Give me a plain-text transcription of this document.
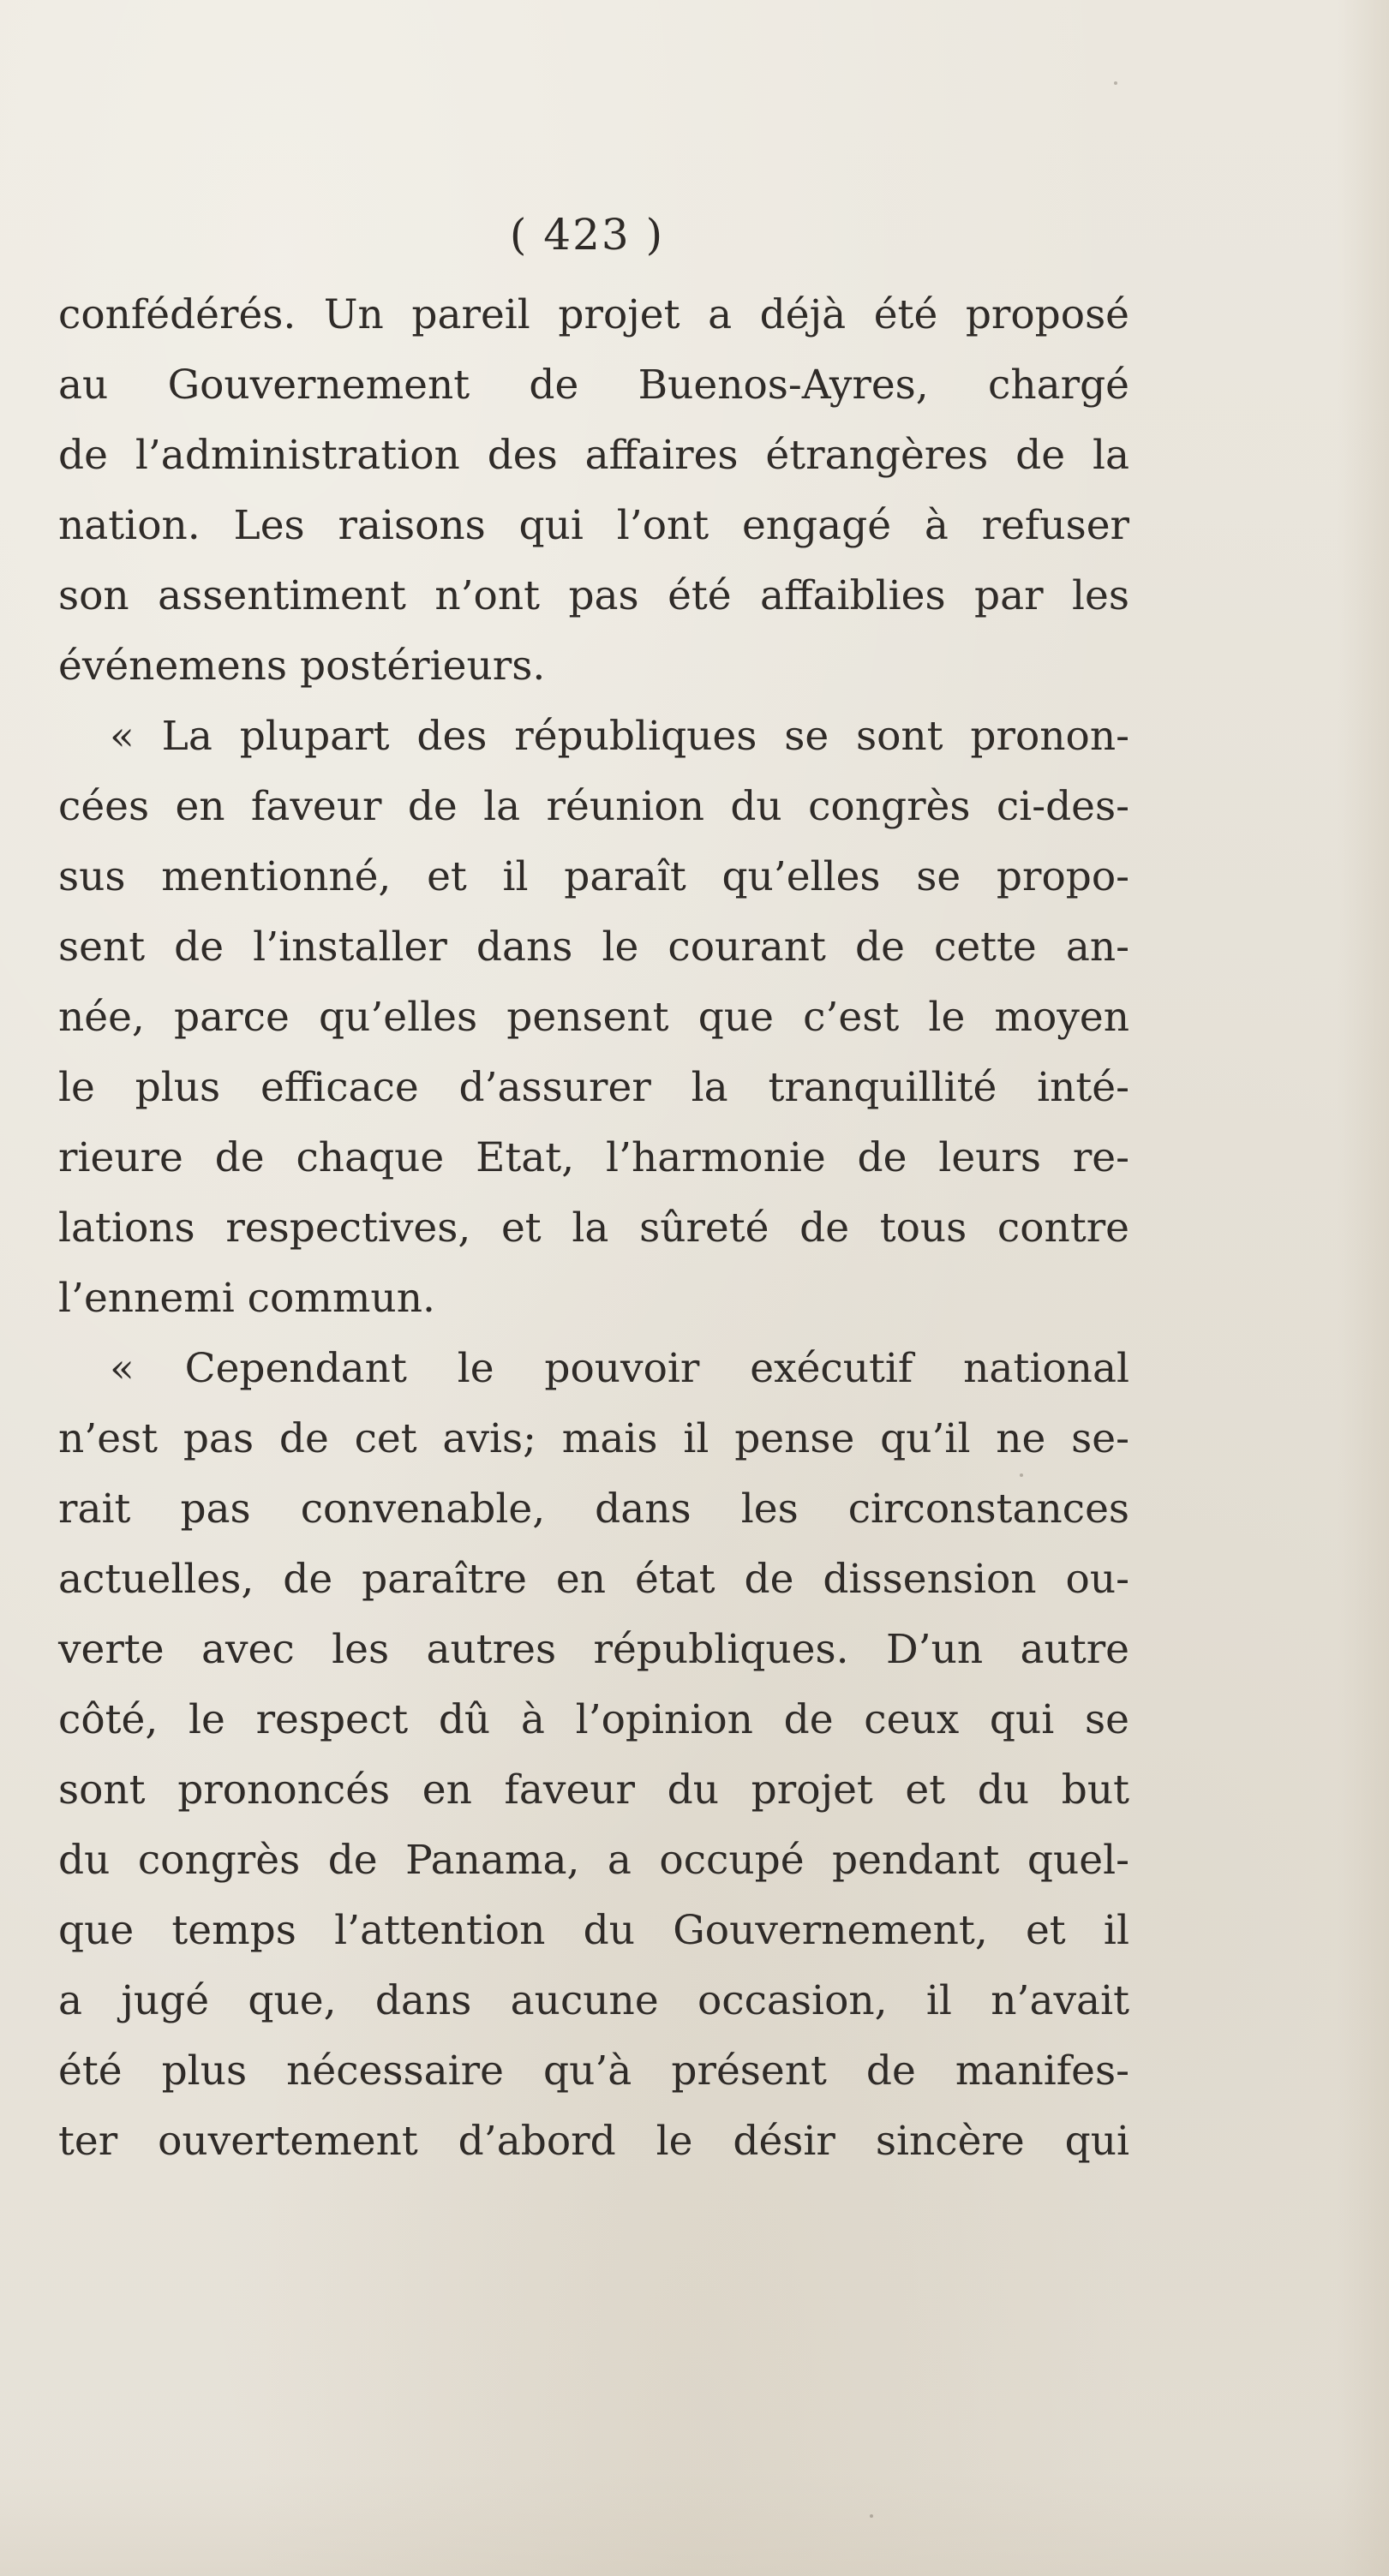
( 423 )

confédérés. Un pareil projet a déjà été proposé

au Gouvernement de Buenos-Ayres, chargé

de l’administration des affaires étrangères de la

nation. Les raisons qui l’ont engagé à refuser

son assentiment n’ont pas été affaiblies par les

événemens postérieurs.

« La plupart des républiques se sont pronon-

cées en faveur de la réunion du congrès ci-des-

sus mentionné, et il paraît qu’elles se propo-

sent de l’installer dans le courant de cette an-

née, parce qu’elles pensent que c’est le moyen

le plus efficace d’assurer la tranquillité inté-

rieure de chaque Etat, l’harmonie de leurs re-

lations respectives, et la sûreté de tous contre

l’ennemi commun.

« Cependant le pouvoir exécutif national

n’est pas de cet avis; mais il pense qu’il ne se-

rait pas convenable, dans les circonstances

actuelles, de paraître en état de dissension ou-

verte avec les autres républiques. D’un autre

côté, le respect dû à l’opinion de ceux qui se

sont prononcés en faveur du projet et du but

du congrès de Panama, a occupé pendant quel-

que temps l’attention du Gouvernement, et il

a jugé que, dans aucune occasion, il n’avait

été plus nécessaire qu’à présent de manifes-

ter ouvertement d’abord le désir sincère qui
